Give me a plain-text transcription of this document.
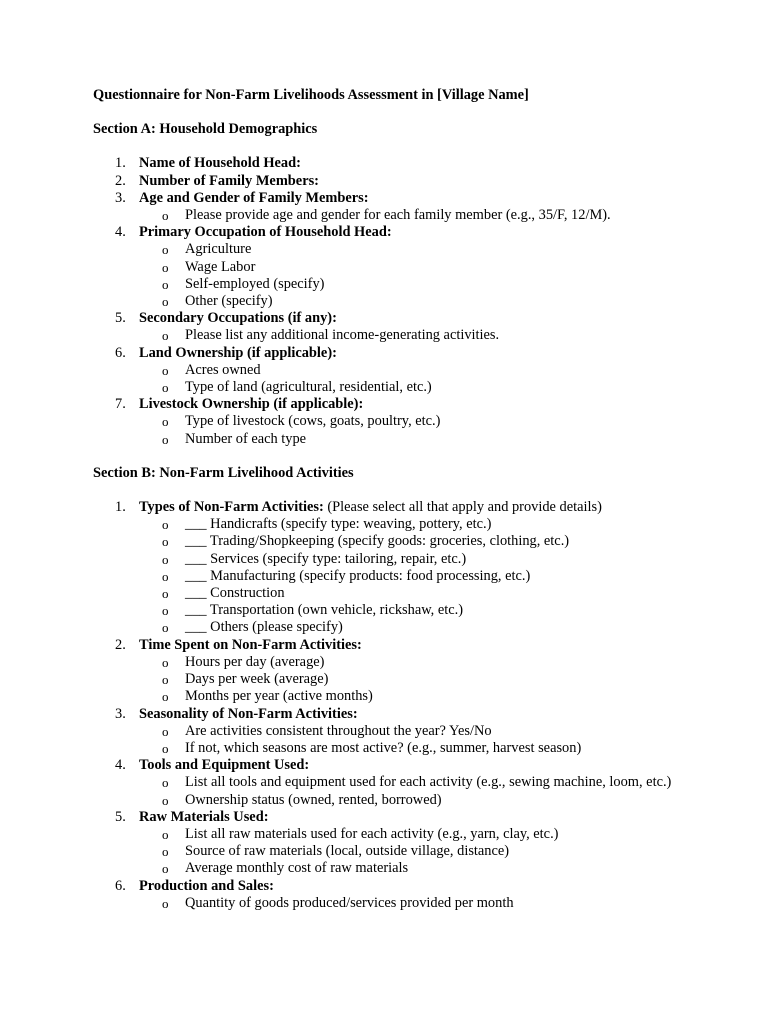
Questionnaire for Non-Farm Livelihoods Assessment in [Village Name]

Section A: Household Demographics

1. Name of Household Head:
2. Number of Family Members:
3. Age and Gender of Family Members:
o Please provide age and gender for each family member (e.g., 35/F, 12/M).
4. Primary Occupation of Household Head:
o Agriculture
o Wage Labor
o Self-employed (specify)
o Other (specify)
5. Secondary Occupations (if any):
o Please list any additional income-generating activities.
6. Land Ownership (if applicable):
o Acres owned
o Type of land (agricultural, residential, etc.)
7. Livestock Ownership (if applicable):
o Type of livestock (cows, goats, poultry, etc.)
o Number of each type

Section B: Non-Farm Livelihood Activities

1. Types of Non-Farm Activities: (Please select all that apply and provide details)
o ___ Handicrafts (specify type: weaving, pottery, etc.)
o ___ Trading/Shopkeeping (specify goods: groceries, clothing, etc.)
o ___ Services (specify type: tailoring, repair, etc.)
o ___ Manufacturing (specify products: food processing, etc.)
o ___ Construction
o ___ Transportation (own vehicle, rickshaw, etc.)
o ___ Others (please specify)
2. Time Spent on Non-Farm Activities:
o Hours per day (average)
o Days per week (average)
o Months per year (active months)
3. Seasonality of Non-Farm Activities:
o Are activities consistent throughout the year? Yes/No
o If not, which seasons are most active? (e.g., summer, harvest season)
4. Tools and Equipment Used:
o List all tools and equipment used for each activity (e.g., sewing machine, loom, etc.)
o Ownership status (owned, rented, borrowed)
5. Raw Materials Used:
o List all raw materials used for each activity (e.g., yarn, clay, etc.)
o Source of raw materials (local, outside village, distance)
o Average monthly cost of raw materials
6. Production and Sales:
o Quantity of goods produced/services provided per month
